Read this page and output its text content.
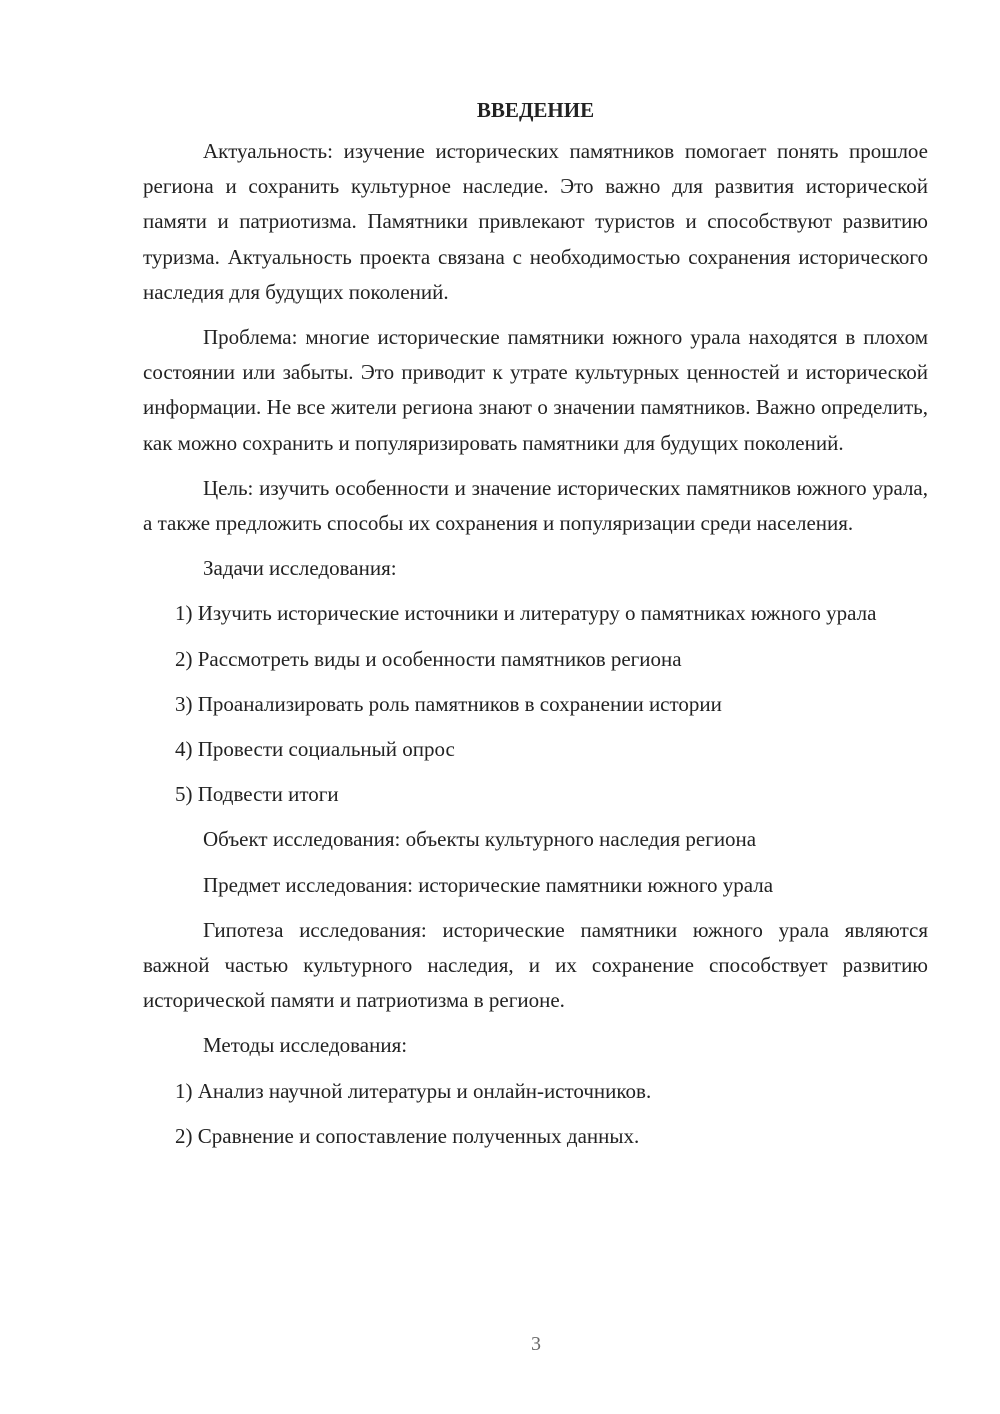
ВВЕДЕНИЕ

Актуальность: изучение исторических памятников помогает понять прошлое региона и сохранить культурное наследие. Это важно для развития исторической памяти и патриотизма. Памятники привлекают туристов и способствуют развитию туризма. Актуальность проекта связана с необходимостью сохранения исторического наследия для будущих поколений.

Проблема: многие исторические памятники южного урала находятся в плохом состоянии или забыты. Это приводит к утрате культурных ценностей и исторической информации. Не все жители региона знают о значении памятников. Важно определить, как можно сохранить и популяризировать памятники для будущих поколений.

Цель: изучить особенности и значение исторических памятников южного урала, а также предложить способы их сохранения и популяризации среди населения.

Задачи исследования:

1) Изучить исторические источники и литературу о памятниках южного урала

2) Рассмотреть виды и особенности памятников региона

3) Проанализировать роль памятников в сохранении истории

4) Провести социальный опрос

5) Подвести итоги

Объект исследования: объекты культурного наследия региона

Предмет исследования: исторические памятники южного урала

Гипотеза исследования: исторические памятники южного урала являются важной частью культурного наследия, и их сохранение способствует развитию исторической памяти и патриотизма в регионе.

Методы исследования:

1) Анализ научной литературы и онлайн-источников.

2) Сравнение и сопоставление полученных данных.

3
